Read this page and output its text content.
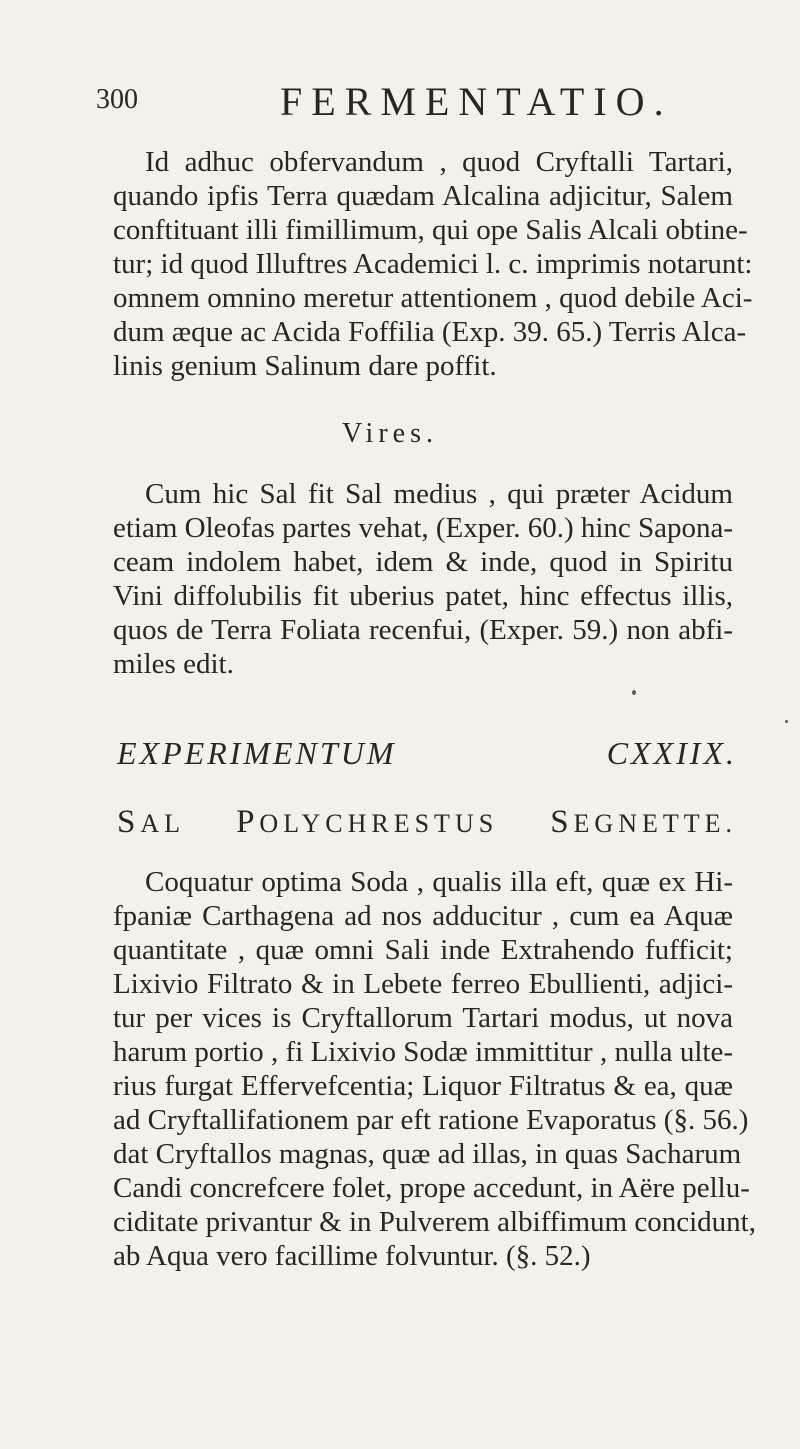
300	FERMENTATIO.
Id adhuc obfervandum , quod Cryftalli Tartari,
quando ipfis Terra quædam Alcalina adjicitur, Salem
conftituant illi fimillimum, qui ope Salis Alcali obtine-
tur; id quod Illuftres Academici l. c. imprimis notarunt:
omnem omnino meretur attentionem , quod debile Aci-
dum æque ac Acida Foffilia (Exp. 39. 65.) Terris Alca-
linis genium Salinum dare poffit.
Vires.
Cum hic Sal fit Sal medius , qui præter Acidum
etiam Oleofas partes vehat, (Exper. 60.) hinc Sapona-
ceam indolem habet, idem & inde, quod in Spiritu
Vini diffolubilis fit uberius patet, hinc effectus illis,
quos de Terra Foliata recenfui, (Exper. 59.) non abfi-
miles edit.
EXPERIMENTUM CXXIIX.
SAL POLYCHRESTUS SEGNETTE.
Coquatur optima Soda , qualis illa eft, quæ ex Hi-
fpaniæ Carthagena ad nos adducitur , cum ea Aquæ
quantitate , quæ omni Sali inde Extrahendo fufficit;
Lixivio Filtrato & in Lebete ferreo Ebullienti, adjici-
tur per vices is Cryftallorum Tartari modus, ut nova
harum portio , fi Lixivio Sodæ immittitur , nulla ulte-
rius furgat Effervefcentia; Liquor Filtratus & ea, quæ
ad Cryftallifationem par eft ratione Evaporatus (§. 56.)
dat Cryftallos magnas, quæ ad illas, in quas Sacharum
Candi concrefcere folet, prope accedunt, in Aëre pellu-
ciditate privantur & in Pulverem albiffimum concidunt,
ab Aqua vero facillime folvuntur. (§. 52.)
